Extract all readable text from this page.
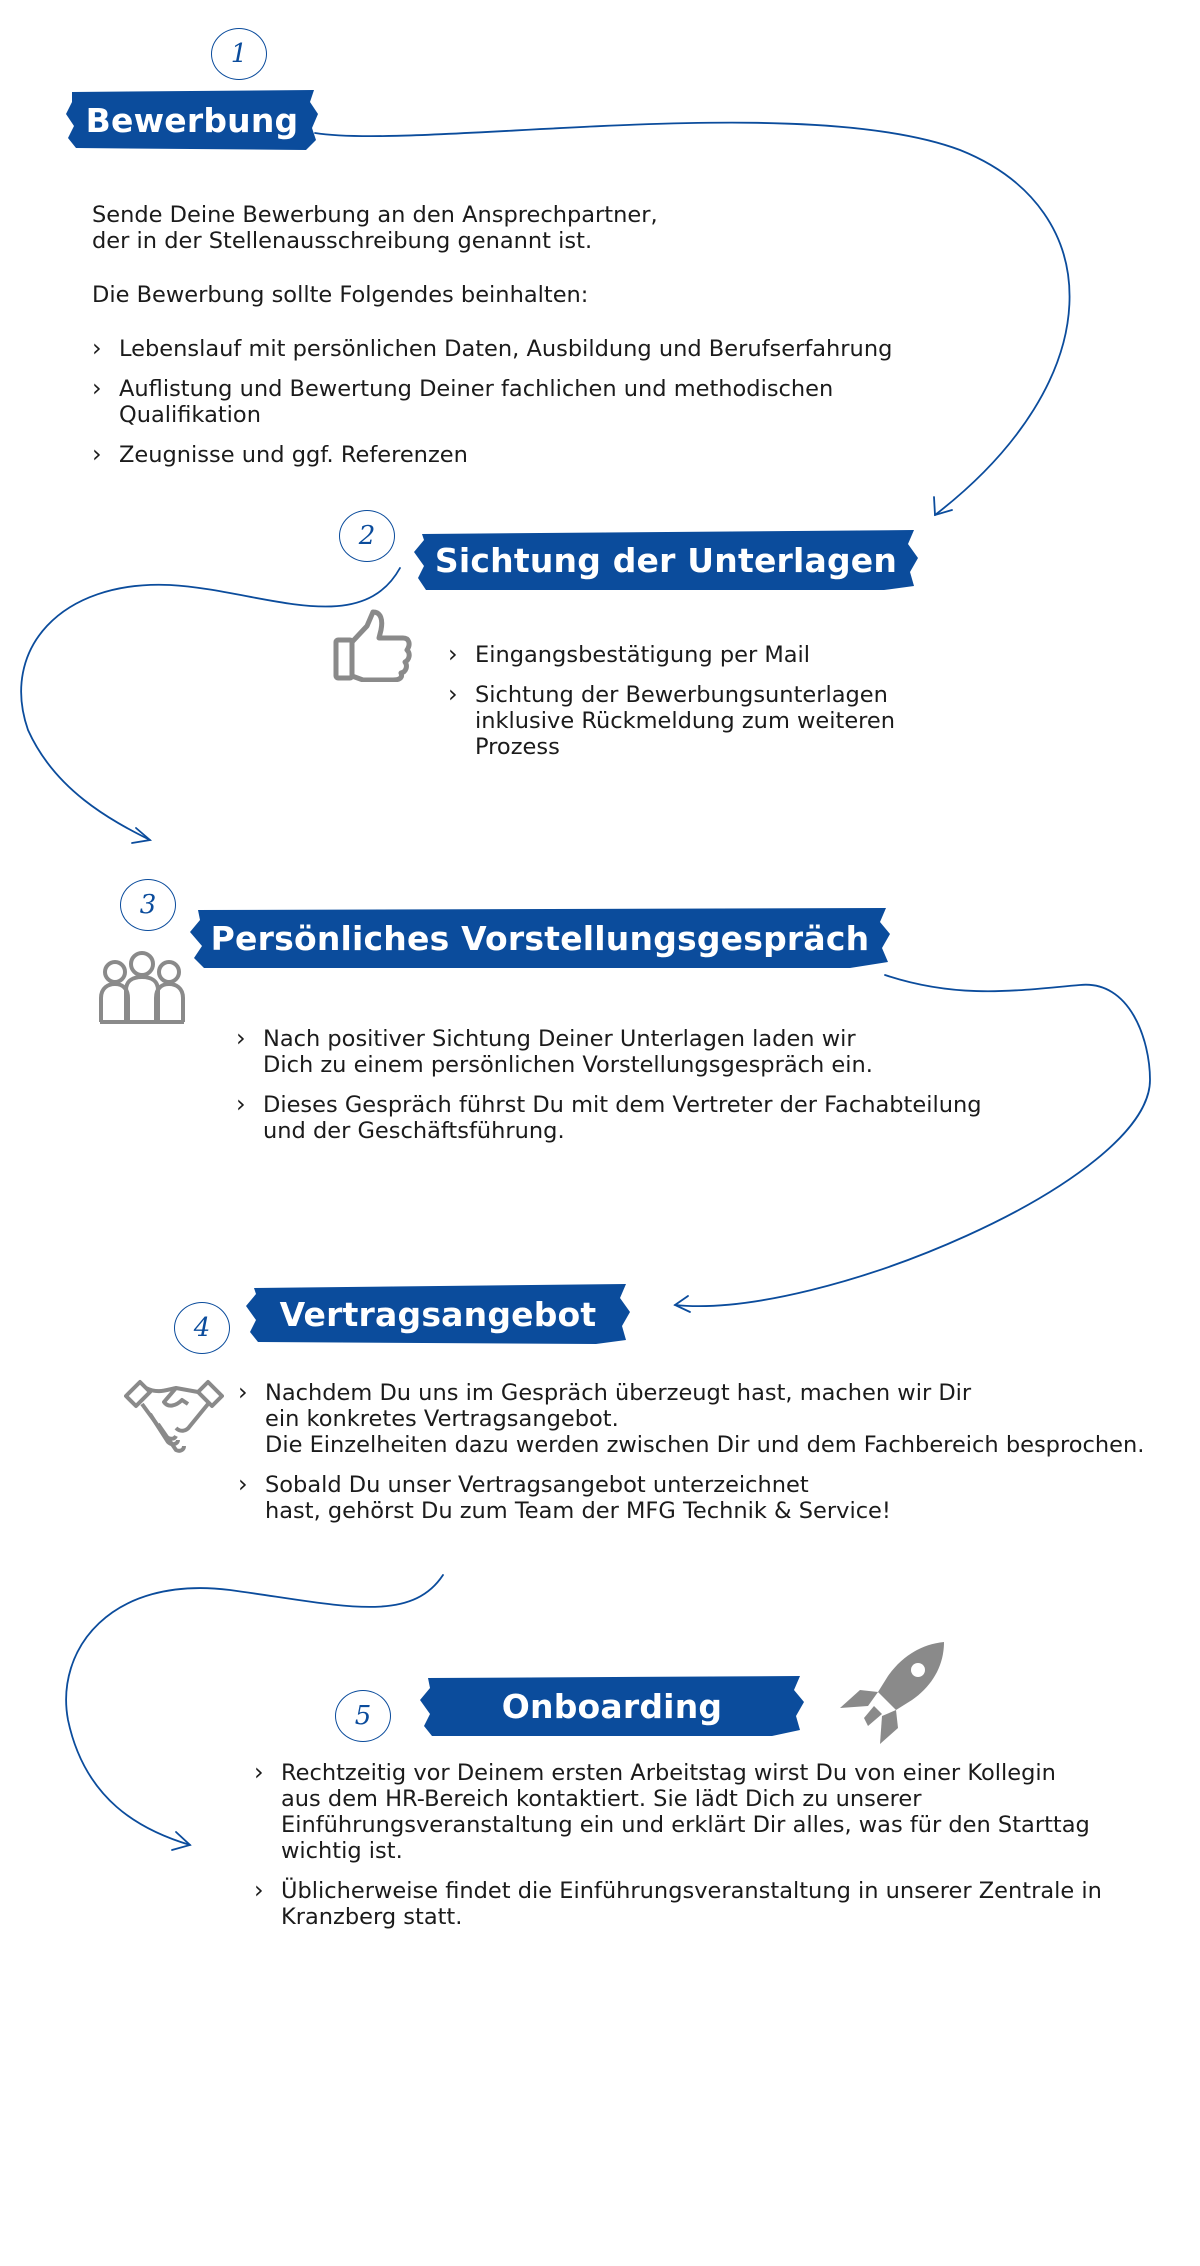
1
Bewerbung
Sende Deine Bewerbung an den Ansprechpartner,
der in der Stellenausschreibung genannt ist.
Die Bewerbung sollte Folgendes beinhalten:
› Lebenslauf mit persönlichen Daten, Ausbildung und Berufserfahrung
› Auflistung und Bewertung Deiner fachlichen und methodischen
Qualifikation
› Zeugnisse und ggf. Referenzen
2
Sichtung der Unterlagen
› Eingangsbestätigung per Mail
› Sichtung der Bewerbungsunterlagen
inklusive Rückmeldung zum weiteren
Prozess
3
Persönliches Vorstellungsgespräch
› Nach positiver Sichtung Deiner Unterlagen laden wir
Dich zu einem persönlichen Vorstellungsgespräch ein.
› Dieses Gespräch führst Du mit dem Vertreter der Fachabteilung
und der Geschäftsführung.
4	Vertragsangebot
› Nachdem Du uns im Gespräch überzeugt hast, machen wir Dir
ein konkretes Vertragsangebot.
Die Einzelheiten dazu werden zwischen Dir und dem Fachbereich besprochen.
› Sobald Du unser Vertragsangebot unterzeichnet
hast, gehörst Du zum Team der MFG Technik & Service!
5	Onboarding
› Rechtzeitig vor Deinem ersten Arbeitstag wirst Du von einer Kollegin
aus dem HR-Bereich kontaktiert. Sie lädt Dich zu unserer
Einführungsveranstaltung ein und erklärt Dir alles, was für den Starttag
wichtig ist.
› Üblicherweise findet die Einführungsveranstaltung in unserer Zentrale in
Kranzberg statt.
